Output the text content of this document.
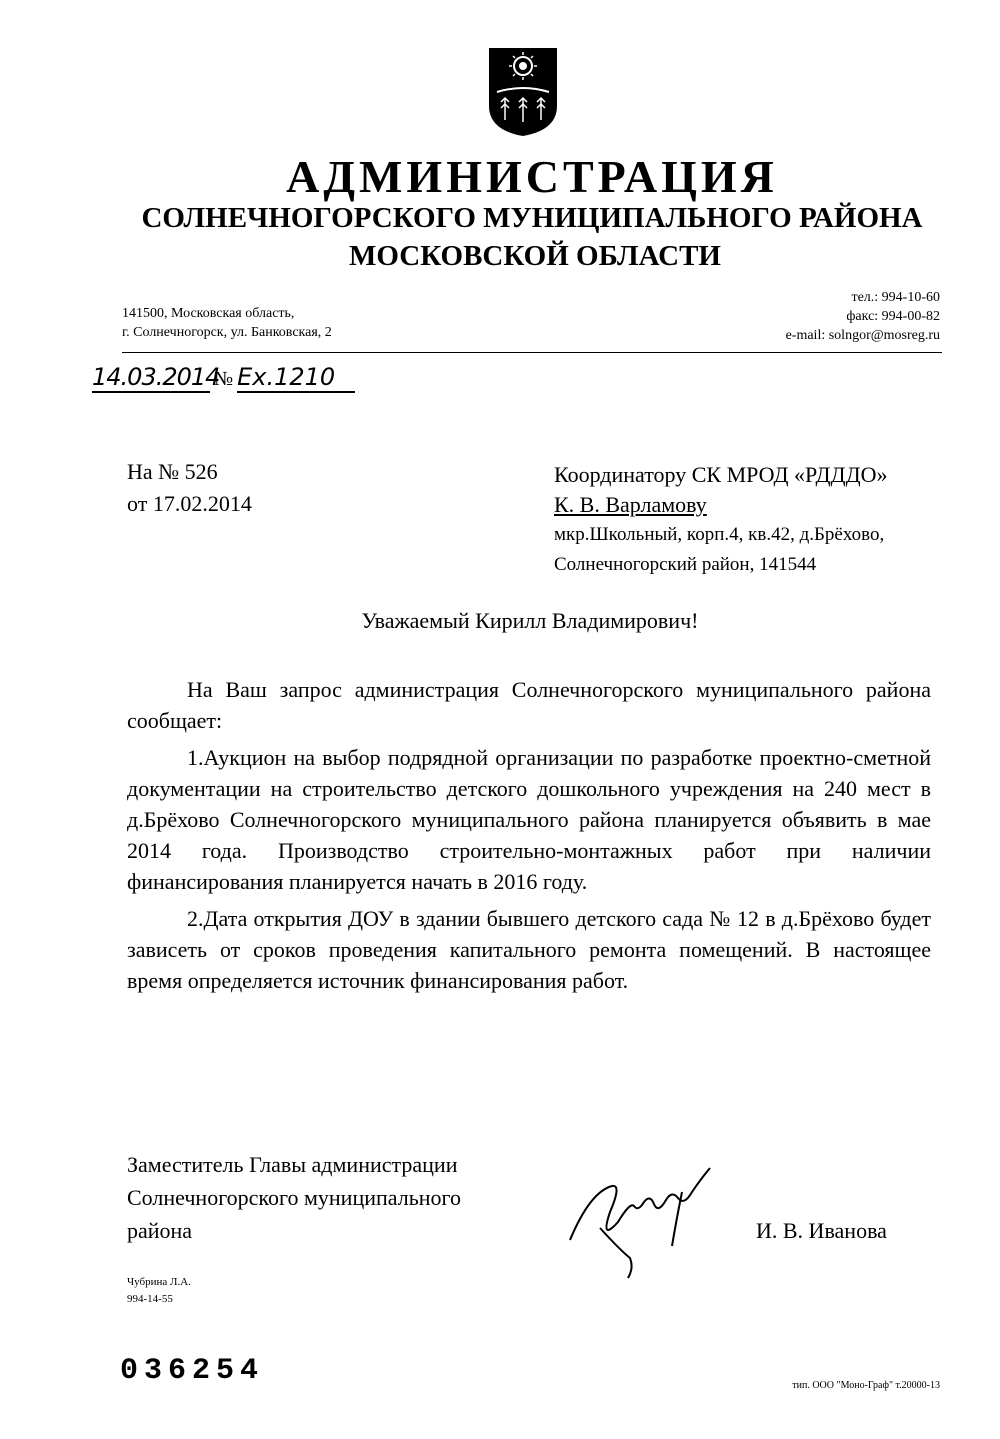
АДМИНИСТРАЦИЯ
СОЛНЕЧНОГОРСКОГО МУНИЦИПАЛЬНОГО РАЙОНА
МОСКОВСКОЙ ОБЛАСТИ
141500, Московская область,
г. Солнечногорск, ул. Банковская, 2
тел.: 994-10-60
факс: 994-00-82
e-mail: solngor@mosreg.ru
14.03.2014№ Ех.1210
На № 526
от 17.02.2014
Координатору СК МРОД «РДДДО»
К. В. Варламову
мкр.Школьный, корп.4, кв.42, д.Брёхово,
Солнечногорский район, 141544
Уважаемый Кирилл Владимирович!

На Ваш запрос администрация Солнечногорского муниципального района сообщает:

1.Аукцион на выбор подрядной организации по разработке проектно-сметной документации на строительство детского дошкольного учреждения на 240 мест в д.Брёхово Солнечногорского муниципального района планируется объявить в мае 2014 года. Производство строительно-монтажных работ при наличии финансирования планируется начать в 2016 году.

2.Дата открытия ДОУ в здании бывшего детского сада № 12 в д.Брёхово будет зависеть от сроков проведения капитального ремонта помещений. В настоящее время определяется источник финансирования работ.

Заместитель Главы администрации
Солнечногорского муниципального
района	И. В. Иванова
Чубрина Л.А.
994-14-55
036254	тип. ООО "Моно-Граф" т.20000-13
